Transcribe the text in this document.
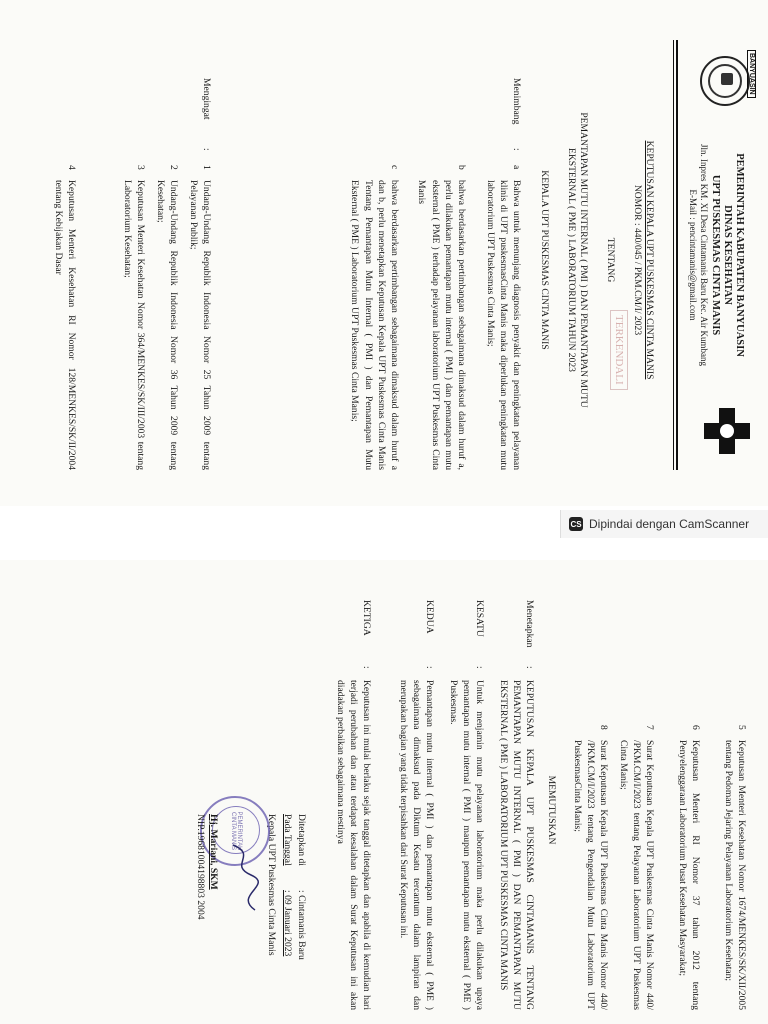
BANYUASIN
PEMERINTAH KABUPATEN BANYUASIN
DINAS KESEHATAN
UPT PUSKESMAS CINTA MANIS
Jln. Inpres KM. XI Desa Cintamanis Baru Kec. Air Kumbang
E-Mail : pencintamanis@gmail.com
KEPUTUSAN KEPALA UPT PUSKESMAS CINTA MANIS
NOMOR : 440/045 / PKM.CM/I/ 2023
TENTANG
TERKENDALI
PEMANTAPAN MUTU INTERNAL ( PMI ) DAN PEMANTAPAN MUTU
EKSTERNAL ( PME ) LABORATORIUM TAHUN 2023
KEPALA UPT PUSKESMAS CINTA MANIS
Menimbang
:
a
Bahwa untuk menunjang diagnosis penyakit dan peningkatan pelayanan klinis di UPT puskesmasCinta Manis maka diperlukan peningkatan mutu laboratorium UPT Puskesmas Cinta Manis;
b
bahwa berdasarkan pertimbangan sebagaimana dimaksud dalam huruf a, perlu dilakukan pemantapan mutu internal ( PMI ) dan pemantapan mutu eksternal ( PME ) terhadap pelayanan laboratorium UPT Puskesmas Cinta Manis
c
bahwa berdasarkan pertimbangan sebagaimana dimaksud dalam huruf a dan b, perlu menetapkan Keputusan Kepala UPT Puskesmas Cinta Manis Tentang Pemantapan Mutu Internal ( PMI ) dan Pemantapan Mutu Eksternal ( PME ) Laboratorium UPT Puskesmas Cinta Manis;
Mengingat
:
1
Undang-Undang Republik Indonesia Nomor 25 Tahun 2009 tentang Pelayanan Publik;
2
Undang-Undang Republik Indonesia Nomor 36 Tahun 2009 tentang Kesehatan;
3
Keputusan Menteri Kesehatan Nomor 364/MENKES/SK/III/2003 tentang Laboratorium Kesehatan;
4
Keputusan Menteri Kesehatan RI Nomor 128/MENKES/SK/II/2004 tentang Kebijakan Dasar
CS Dipindai dengan CamScanner
5
Keputusan Menteri Kesehatan Nomor 1674/MENKES/SK/XII/2005 tentang Pedoman Jejaring Pelayanan Laboratorium Kesehatan;
6
Keputusan Menteri RI Nomor 37 tahun 2012 tentang Penyelenggaraan Laboratorium Pusat Kesehatan Masyarakat;
7
Surat Keputusan Kepala UPT Puskesmas Cinta Manis Nomor 440/ /PKM.CM/I/2023 tentang Pelayanan Laboratorium UPT Puskesmas Cinta Manis;
8
Surat Keputusan Kepala UPT Puskesmas Cinta Manis Nomor 440/ /PKM.CM/I/2023 tentang Pengendalian Mutu Laboratorium UPT PuskesmasCinta Manis;
MEMUTUSKAN
Menetapkan
:
KEPUTUSAN KEPALA UPT PUSKESMAS CINTAMANIS TENTANG PEMANTAPAN MUTU INTERNAL ( PMI ) DAN PEMANTAPAN MUTU EKSTERNAL ( PME ) LABORATORIUM UPT PUSKESMAS CINTA MANIS
KESATU
:
Untuk menjamin mutu pelayanan laboratorium maka perlu dilakukan upaya pemantapan mutu internal ( PMI ) maupun pemantapan mutu eksternal ( PME ) Puskesmas.
KEDUA
:
Pemantapan mutu internal ( PMI ) dan pemantapan mutu eksternal ( PME ) sebagaimana dimaksud pada Diktum Kesatu tercantum dalam lampiran dan merupakan bagian yang tidak terpisahkan dari Surat Keputusan ini.
KETIGA
:
Keputusan ini mulai berlaku sejak tanggal ditetapkan dan apabila di kemudian hari terjadi perubahan dan atau terdapat kesalahan dalam Surat Keputusan ini akan diadakan perbaikan sebagaimana mestinya
Ditetapkan di
: Cintamanis Baru
Pada Tanggal
: 09 Januari 2023
Kepala UPT Puskesmas Cinta Manis
PEMERINTAH CINTA MANIS
Hj. Mariani, SKM
NIP.19681004198803 2004
